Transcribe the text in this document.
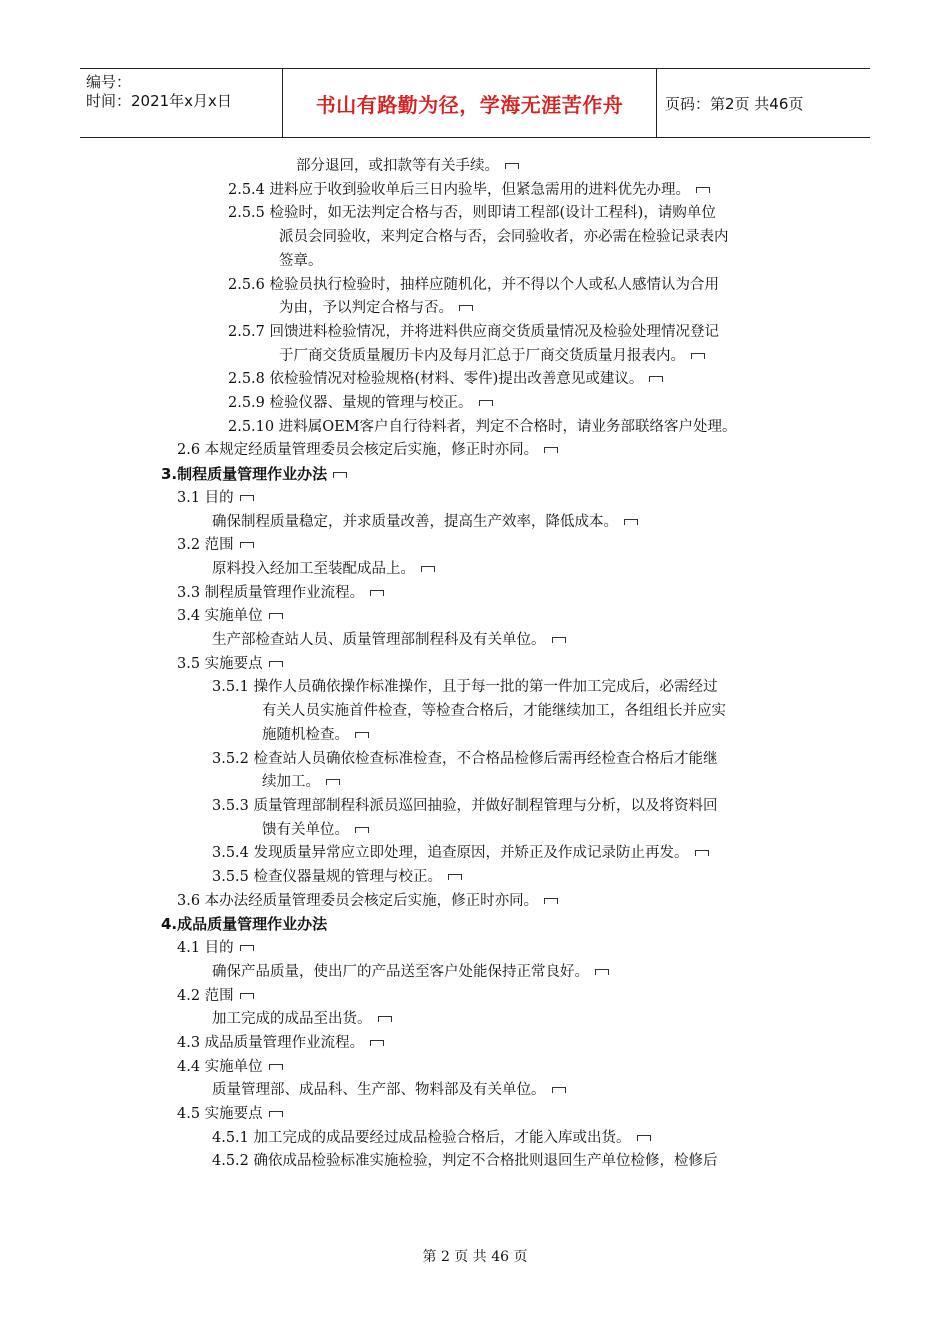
编号：
时间：2021年x月x日	书山有路勤为径，学海无涯苦作舟	页码：第2页 共46页
部分退回，或扣款等有关手续。
2.5.4 进料应于收到验收单后三日内验毕，但紧急需用的进料优先办理。
2.5.5 检验时，如无法判定合格与否，则即请工程部(设计工程科)，请购单位
派员会同验收，来判定合格与否，会同验收者，亦必需在检验记录表内
签章。
2.5.6 检验员执行检验时，抽样应随机化，并不得以个人或私人感情认为合用
为由，予以判定合格与否。
2.5.7 回馈进料检验情况，并将进料供应商交货质量情况及检验处理情况登记
于厂商交货质量履历卡内及每月汇总于厂商交货质量月报表内。
2.5.8 依检验情况对检验规格(材料、零件)提出改善意见或建议。
2.5.9 检验仪器、量规的管理与校正。
2.5.10 进料属OEM客户自行待料者，判定不合格时，请业务部联络客户处理。
2.6 本规定经质量管理委员会核定后实施，修正时亦同。
3.制程质量管理作业办法
3.1 目的
确保制程质量稳定，并求质量改善，提高生产效率，降低成本。
3.2 范围
原料投入经加工至装配成品上。
3.3 制程质量管理作业流程。
3.4 实施单位
生产部检查站人员、质量管理部制程科及有关单位。
3.5 实施要点
3.5.1 操作人员确依操作标准操作，且于每一批的第一件加工完成后，必需经过
有关人员实施首件检查，等检查合格后，才能继续加工，各组组长并应实
施随机检查。
3.5.2 检查站人员确依检查标准检查，不合格品检修后需再经检查合格后才能继
续加工。
3.5.3 质量管理部制程科派员巡回抽验，并做好制程管理与分析，以及将资料回
馈有关单位。
3.5.4 发现质量异常应立即处理，追查原因，并矫正及作成记录防止再发。
3.5.5 检查仪器量规的管理与校正。
3.6 本办法经质量管理委员会核定后实施，修正时亦同。
4.成品质量管理作业办法
4.1 目的
确保产品质量，使出厂的产品送至客户处能保持正常良好。
4.2 范围
加工完成的成品至出货。
4.3 成品质量管理作业流程。
4.4 实施单位
质量管理部、成品科、生产部、物料部及有关单位。
4.5 实施要点
4.5.1 加工完成的成品要经过成品检验合格后，才能入库或出货。
4.5.2 确依成品检验标准实施检验，判定不合格批则退回生产单位检修，检修后
第 2 页 共 46 页
